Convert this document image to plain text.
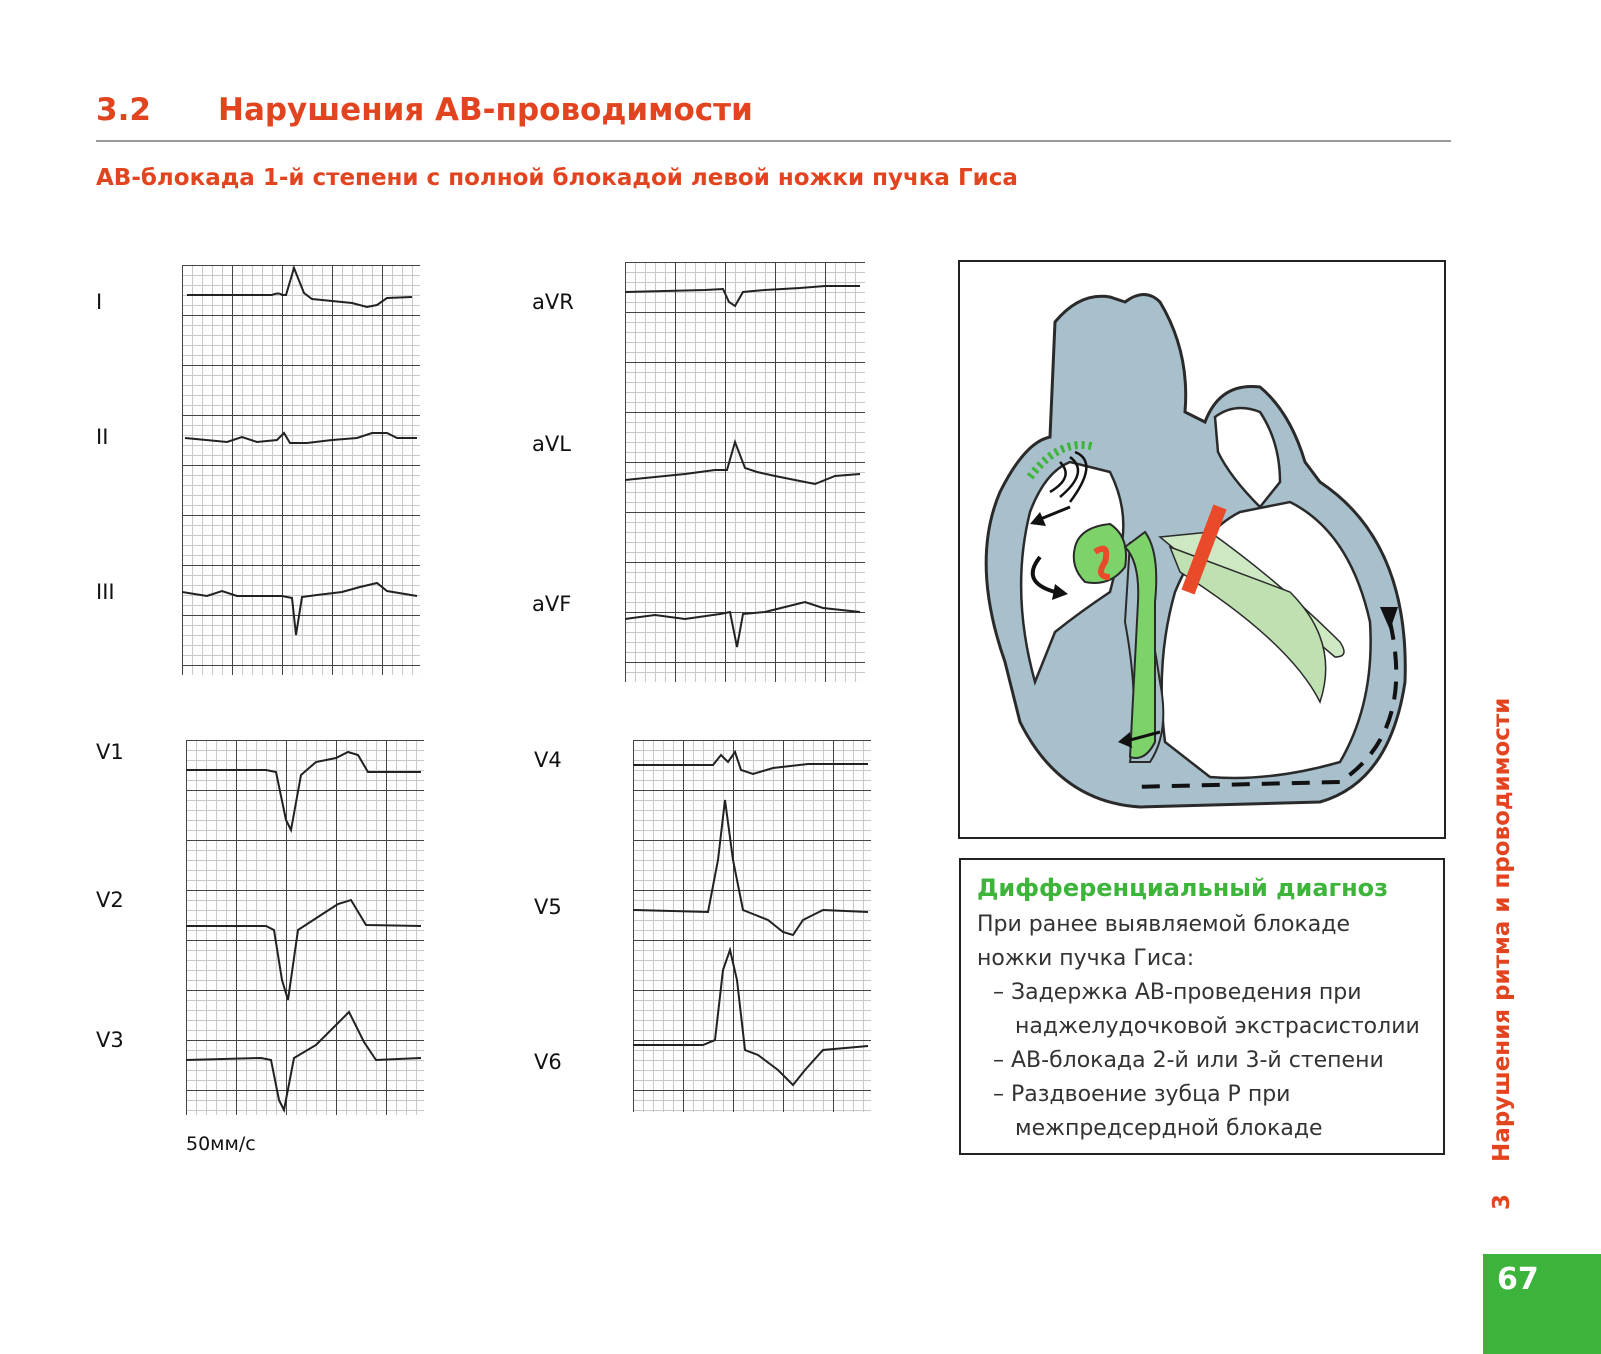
3.2 Нарушения АВ-проводимости
АВ-блокада 1-й степени с полной блокадой левой ножки пучка Гиса
I
II
III
aVR
aVL
aVF
V1
V2
V3
V4
V5
V6
50мм/с
Дифференциальный диагноз
При ранее выявляемой блокаде
ножки пучка Гиса:
– Задержка АВ-проведения при
наджелудочковой экстрасистолии
– АВ-блокада 2-й или 3-й степени
– Раздвоение зубца Р при
межпредсердной блокаде
3    Нарушения ритма и проводимости
67
